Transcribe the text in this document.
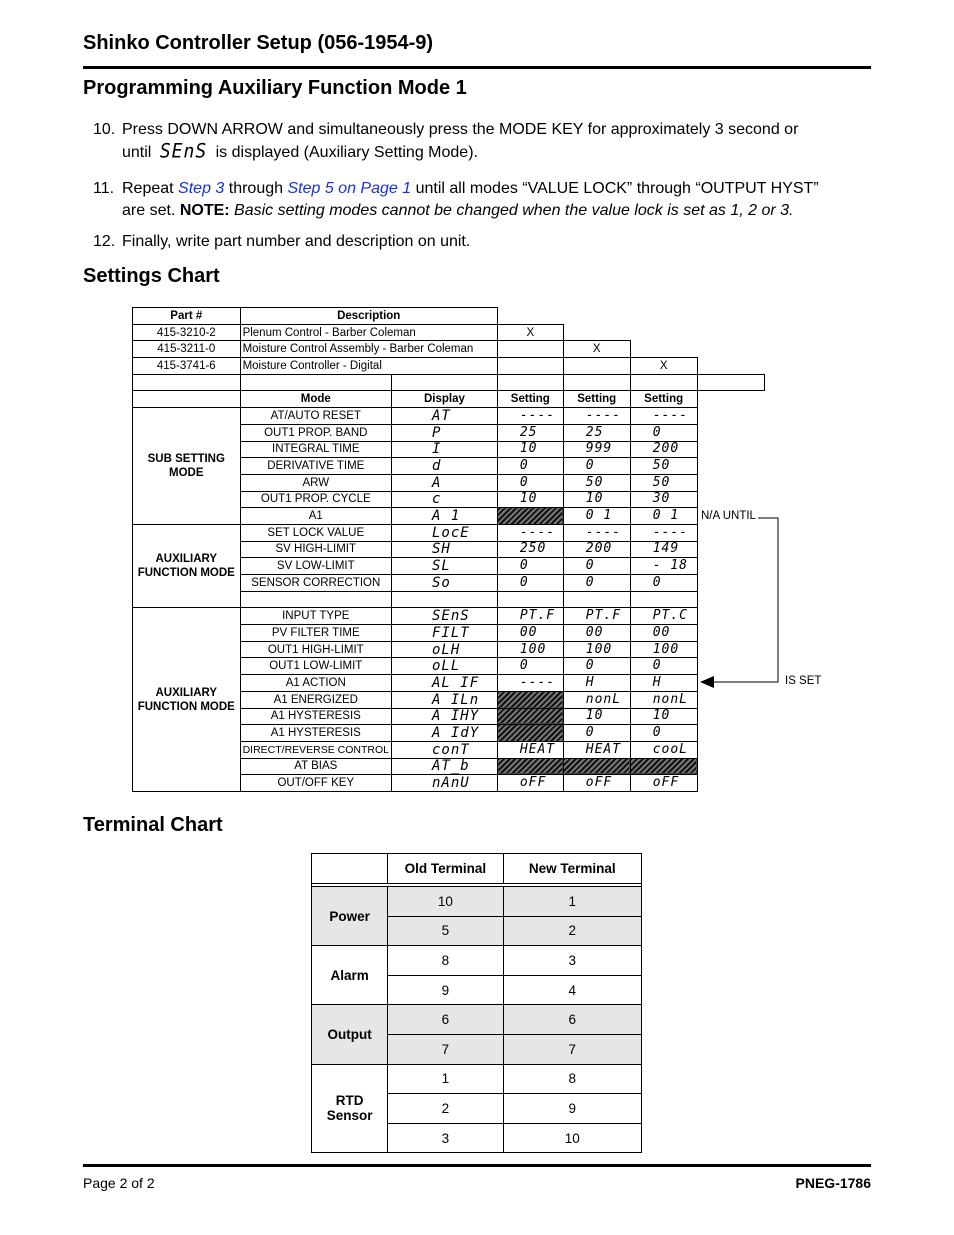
Shinko Controller Setup (056-1954-9)
Programming Auxiliary Function Mode 1
10. Press DOWN ARROW and simultaneously press the MODE KEY for approximately 3 second or
until SEnS is displayed (Auxiliary Setting Mode).
11. Repeat Step 3 through Step 5 on Page 1 until all modes “VALUE LOCK” through “OUTPUT HYST”
are set. NOTE: Basic setting modes cannot be changed when the value lock is set as 1, 2 or 3.
12. Finally, write part number and description on unit.
Settings Chart
Part #	Description					
415-3210-2	Plenum Control - Barber Coleman		X			
415-3211-0	Moisture Control Assembly - Barber Coleman			X		
415-3741-6	Moisture Controller - Digital				X	

	Mode	Display	Setting	Setting	Setting	
SUB SETTING MODE	AT/AUTO RESET	AT	----	----	----	
	OUT1 PROP. BAND	P	25	25	0	
	INTEGRAL TIME	I	10	999	200	
	DERIVATIVE TIME	d	0	0	50	
	ARW	A	0	50	50	
	OUT1 PROP. CYCLE	c	10	10	30	
	A1	A 1		0 1	0 1	
AUXILIARY FUNCTION MODE	SET LOCK VALUE	LocE	----	----	----	
	SV HIGH-LIMIT	SH	250	200	149	
	SV LOW-LIMIT	SL	0	0	- 18	
	SENSOR CORRECTION	So	0	0	0	

AUXILIARY FUNCTION MODE	INPUT TYPE	SEnS	PT.F	PT.F	PT.C	
	PV FILTER TIME	FILT	00	00	00	
	OUT1 HIGH-LIMIT	oLH	100	100	100	
	OUT1 LOW-LIMIT	oLL	0	0	0	
	A1 ACTION	AL IF	----	H	H	
	A1 ENERGIZED	A ILn		nonL	nonL	
	A1 HYSTERESIS	A IHY		10	10	
	A1 HYSTERESIS	A IdY		0	0	
	DIRECT/REVERSE CONTROL	conT	HEAT	HEAT	cooL	
	AT BIAS	AT_b				
	OUT/OFF KEY	nAnU	oFF	oFF	oFF	
N/A UNTIL
IS SET
Terminal Chart
	Old Terminal	New Terminal

Power	10	1
	5	2
Alarm	8	3
	9	4
Output	6	6
	7	7
RTD Sensor	1	8
	2	9
	3	10
Page 2 of 2	PNEG-1786
